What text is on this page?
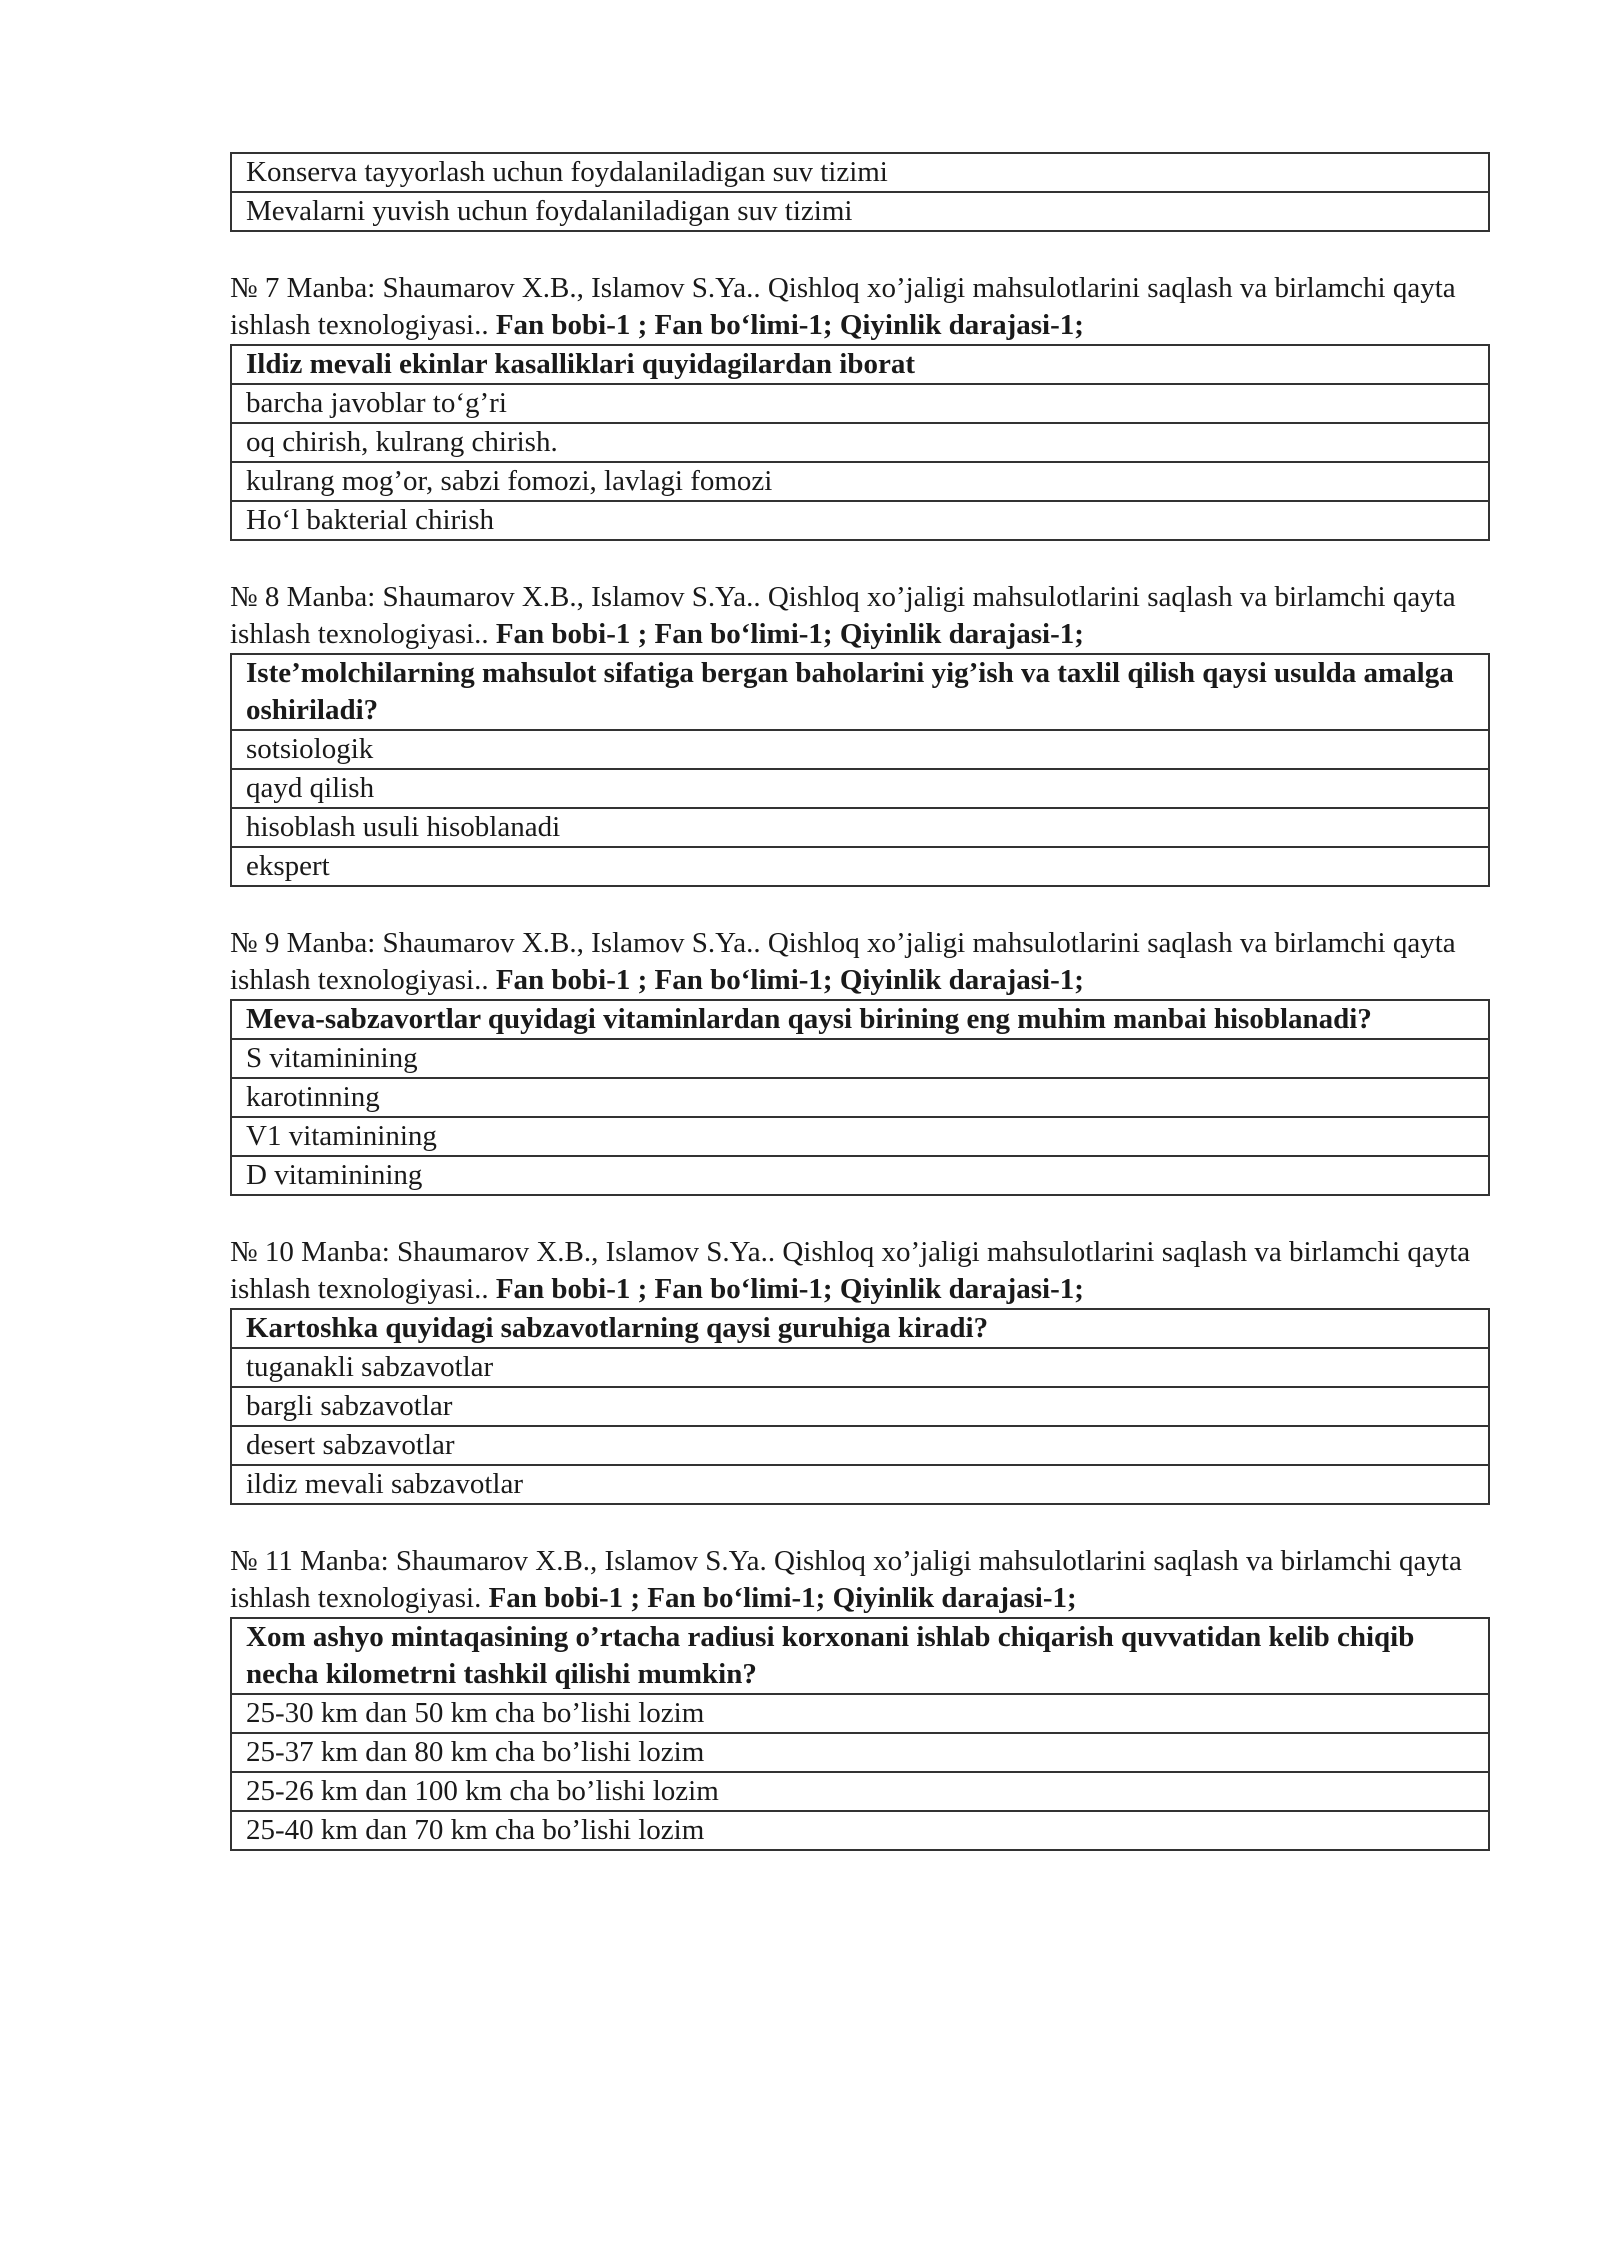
Konserva tayyorlash uchun foydalaniladigan suv tizimi
Mevalarni yuvish uchun foydalaniladigan suv tizimi
№ 7 Manba: Shaumarov X.B., Islamov S.Ya.. Qishloq xo’jaligi mahsulotlarini saqlash va birlamchi qayta ishlash texnologiyasi.. Fan bobi-1 ; Fan bo‘limi-1; Qiyinlik darajasi-1;
Ildiz mevali ekinlar kasalliklari quyidagilardan iborat
barcha javoblar to‘g’ri
oq chirish, kulrang chirish.
kulrang mog’or, sabzi fomozi, lavlagi fomozi
Ho‘l bakterial chirish
№ 8 Manba: Shaumarov X.B., Islamov S.Ya.. Qishloq xo’jaligi mahsulotlarini saqlash va birlamchi qayta ishlash texnologiyasi.. Fan bobi-1 ; Fan bo‘limi-1; Qiyinlik darajasi-1;
Iste’molchilarning mahsulot sifatiga bergan baholarini yig’ish va taxlil qilish qaysi usulda amalga oshiriladi?
sotsiologik
qayd qilish
hisoblash usuli hisoblanadi
ekspert
№ 9 Manba: Shaumarov X.B., Islamov S.Ya.. Qishloq xo’jaligi mahsulotlarini saqlash va birlamchi qayta ishlash texnologiyasi.. Fan bobi-1 ; Fan bo‘limi-1; Qiyinlik darajasi-1;
Meva-sabzavortlar quyidagi vitaminlardan qaysi birining eng muhim manbai hisoblanadi?
S vitaminining
karotinning
V1 vitaminining
D vitaminining
№ 10 Manba: Shaumarov X.B., Islamov S.Ya.. Qishloq xo’jaligi mahsulotlarini saqlash va birlamchi qayta ishlash texnologiyasi.. Fan bobi-1 ; Fan bo‘limi-1; Qiyinlik darajasi-1;
Kartoshka quyidagi sabzavotlarning qaysi guruhiga kiradi?
tuganakli sabzavotlar
bargli sabzavotlar
desert sabzavotlar
ildiz mevali sabzavotlar
№ 11 Manba: Shaumarov X.B., Islamov S.Ya. Qishloq xo’jaligi mahsulotlarini saqlash va birlamchi qayta ishlash texnologiyasi. Fan bobi-1 ; Fan bo‘limi-1; Qiyinlik darajasi-1;
Xom ashyo mintaqasining o’rtacha radiusi korxonani ishlab chiqarish quvvatidan kelib chiqib necha kilometrni tashkil qilishi mumkin?
25-30 km dan 50 km cha bo’lishi lozim
25-37 km dan 80 km cha bo’lishi lozim
25-26 km dan 100 km cha bo’lishi lozim
25-40 km dan 70 km cha bo’lishi lozim
